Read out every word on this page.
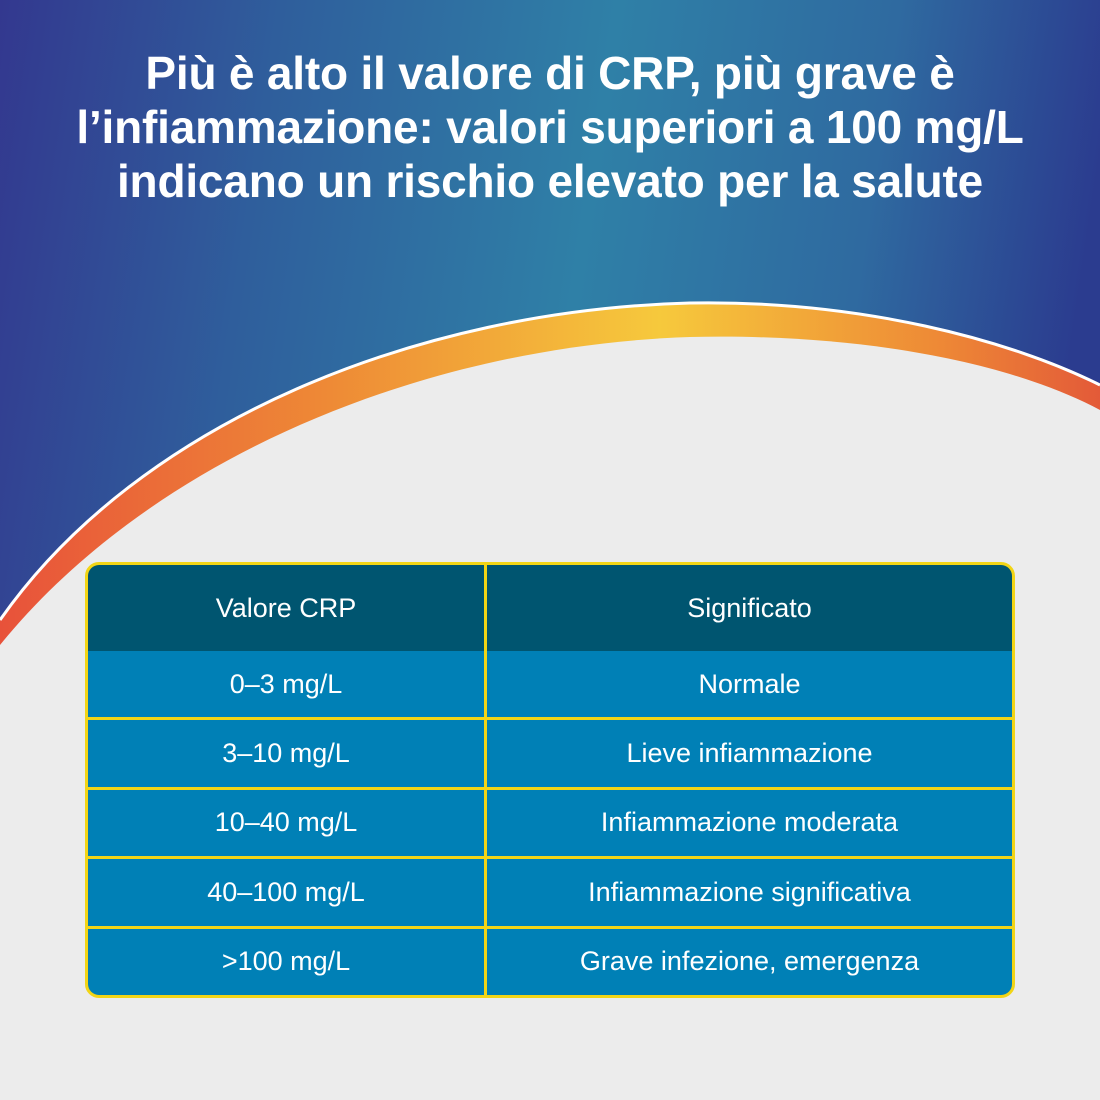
Più è alto il valore di CRP, più grave è l’infiammazione: valori superiori a 100 mg/L indicano un rischio elevato per la salute
Valore CRP	Significato
0–3 mg/L	Normale
3–10 mg/L	Lieve infiammazione
10–40 mg/L	Infiammazione moderata
40–100 mg/L	Infiammazione significativa
>100 mg/L	Grave infezione, emergenza
